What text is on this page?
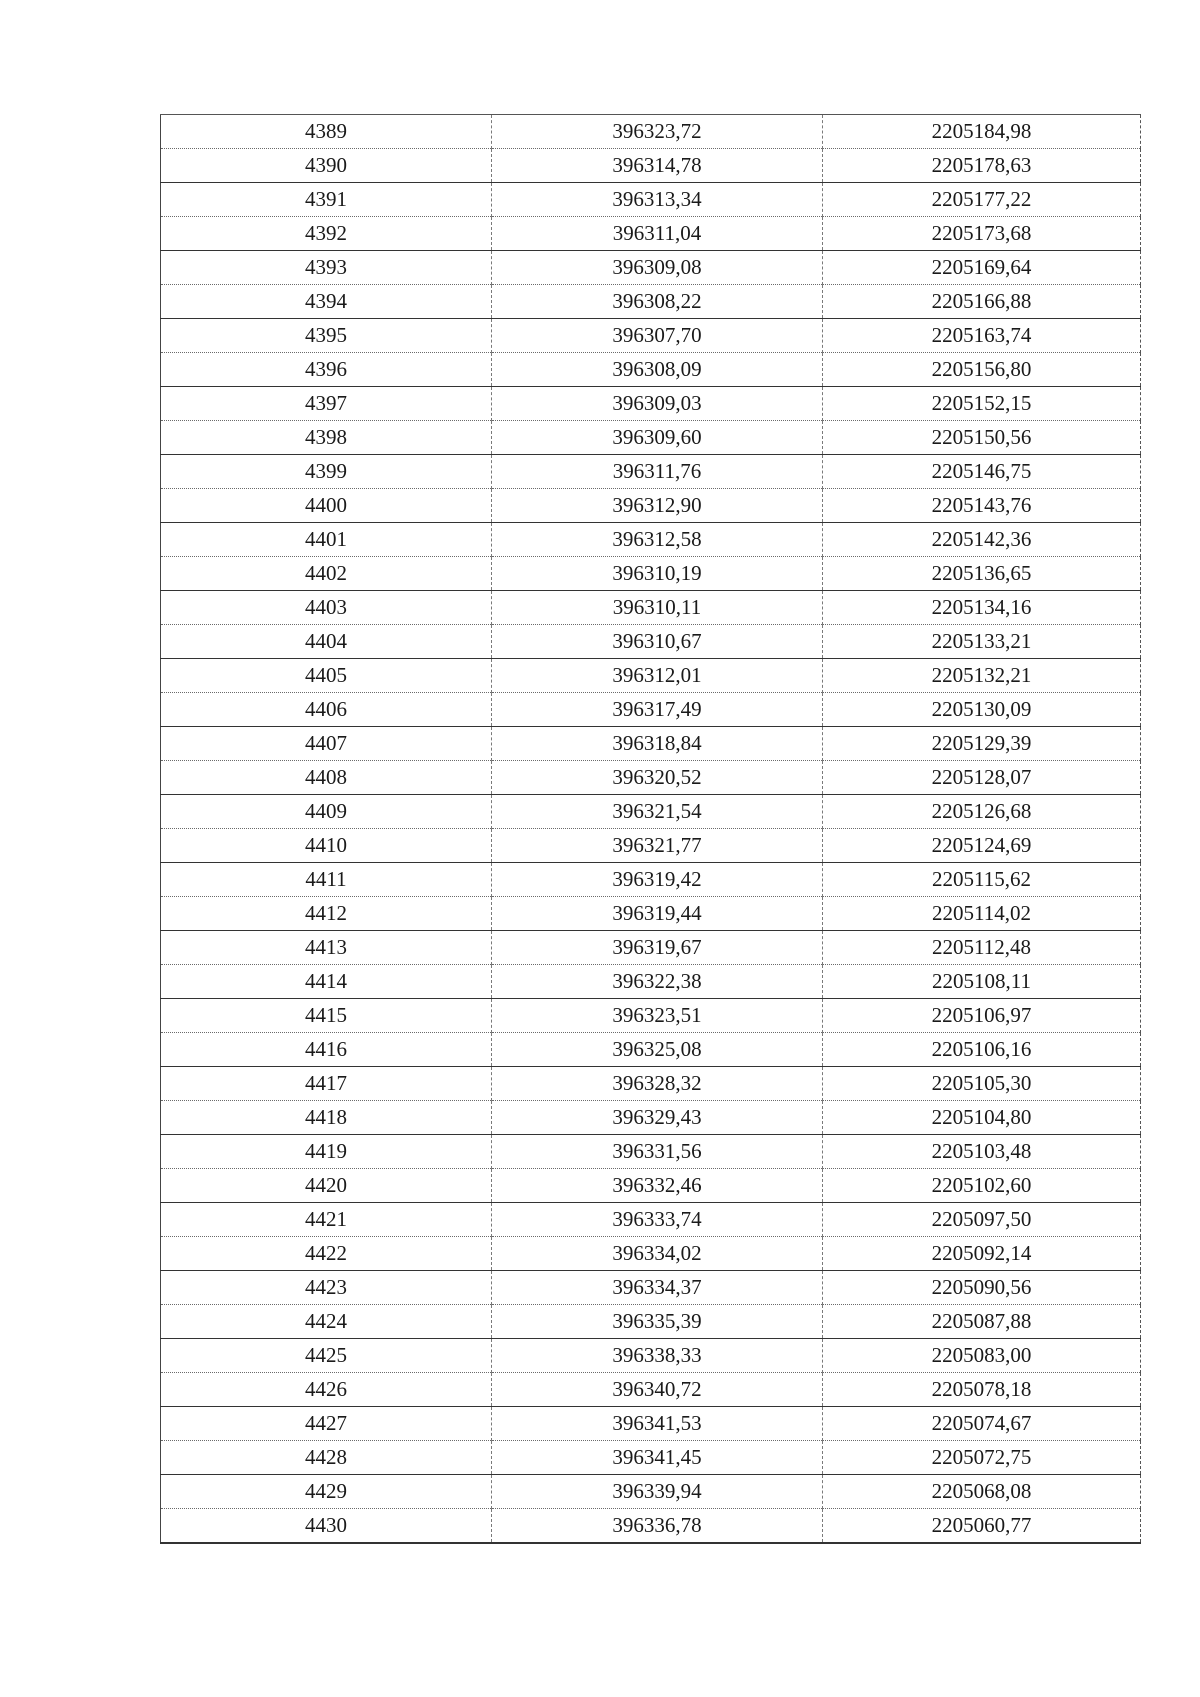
4389	396323,72	2205184,98
4390	396314,78	2205178,63
4391	396313,34	2205177,22
4392	396311,04	2205173,68
4393	396309,08	2205169,64
4394	396308,22	2205166,88
4395	396307,70	2205163,74
4396	396308,09	2205156,80
4397	396309,03	2205152,15
4398	396309,60	2205150,56
4399	396311,76	2205146,75
4400	396312,90	2205143,76
4401	396312,58	2205142,36
4402	396310,19	2205136,65
4403	396310,11	2205134,16
4404	396310,67	2205133,21
4405	396312,01	2205132,21
4406	396317,49	2205130,09
4407	396318,84	2205129,39
4408	396320,52	2205128,07
4409	396321,54	2205126,68
4410	396321,77	2205124,69
4411	396319,42	2205115,62
4412	396319,44	2205114,02
4413	396319,67	2205112,48
4414	396322,38	2205108,11
4415	396323,51	2205106,97
4416	396325,08	2205106,16
4417	396328,32	2205105,30
4418	396329,43	2205104,80
4419	396331,56	2205103,48
4420	396332,46	2205102,60
4421	396333,74	2205097,50
4422	396334,02	2205092,14
4423	396334,37	2205090,56
4424	396335,39	2205087,88
4425	396338,33	2205083,00
4426	396340,72	2205078,18
4427	396341,53	2205074,67
4428	396341,45	2205072,75
4429	396339,94	2205068,08
4430	396336,78	2205060,77
